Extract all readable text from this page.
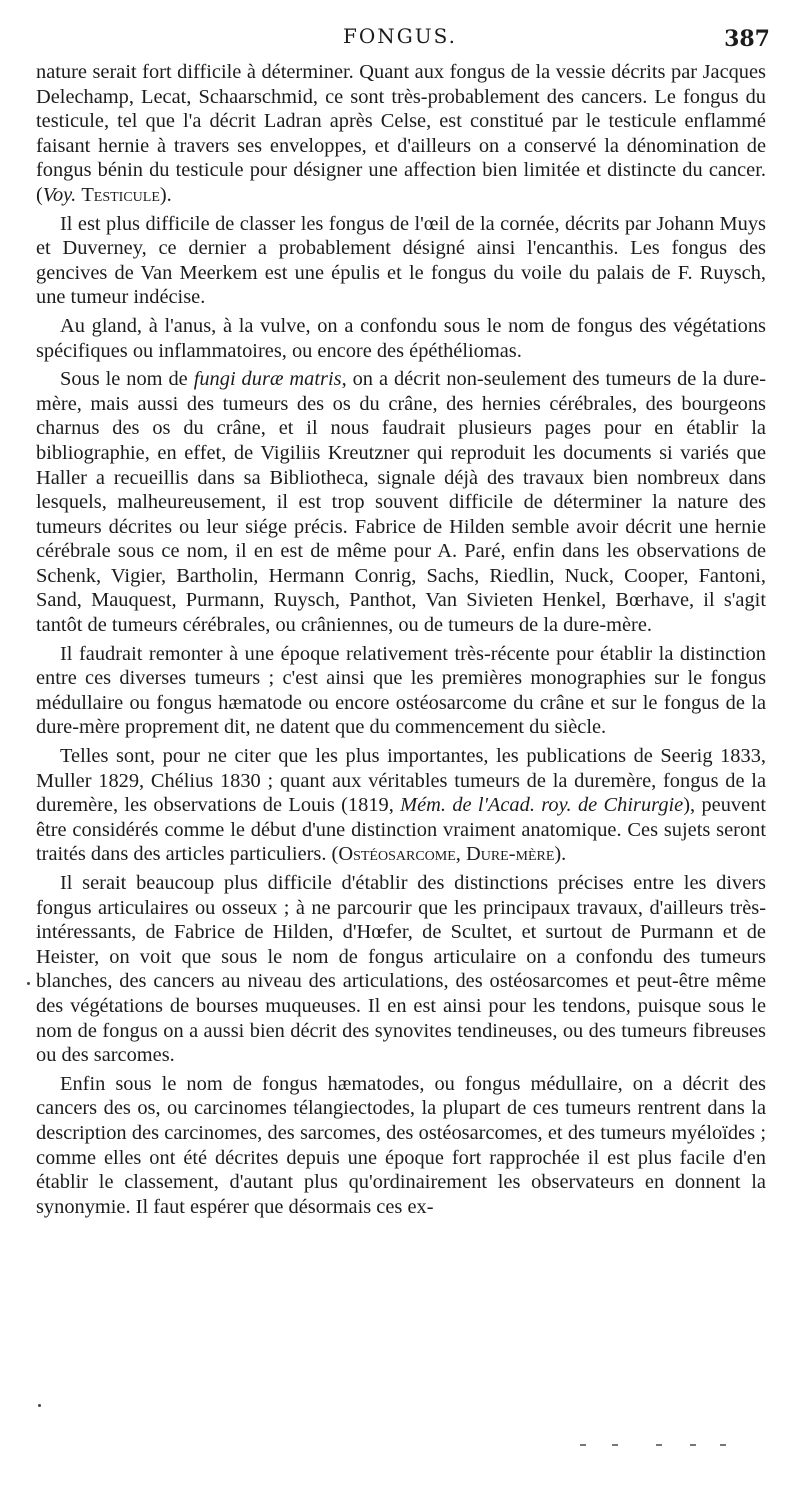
FONGUS.	387

nature serait fort difficile à déterminer. Quant aux fongus de la vessie décrits par Jacques Delechamp, Lecat, Schaarschmid, ce sont très-probablement des cancers. Le fongus du testicule, tel que l'a décrit Ladran après Celse, est constitué par le testicule enflammé faisant hernie à travers ses enveloppes, et d'ailleurs on a conservé la dénomination de fongus bénin du testicule pour désigner une affection bien limitée et distincte du cancer. (Voy. Testicule).

Il est plus difficile de classer les fongus de l'œil de la cornée, décrits par Johann Muys et Duverney, ce dernier a probablement désigné ainsi l'encanthis. Les fongus des gencives de Van Meerkem est une épulis et le fongus du voile du palais de F. Ruysch, une tumeur indécise.

Au gland, à l'anus, à la vulve, on a confondu sous le nom de fongus des végétations spécifiques ou inflammatoires, ou encore des épéthéliomas.

Sous le nom de fungi duræ matris, on a décrit non-seulement des tumeurs de la dure-mère, mais aussi des tumeurs des os du crâne, des hernies cérébrales, des bourgeons charnus des os du crâne, et il nous faudrait plusieurs pages pour en établir la bibliographie, en effet, de Vigiliis Kreutzner qui reproduit les documents si variés que Haller a recueillis dans sa Bibliotheca, signale déjà des travaux bien nombreux dans lesquels, malheureusement, il est trop souvent difficile de déterminer la nature des tumeurs décrites ou leur siége précis. Fabrice de Hilden semble avoir décrit une hernie cérébrale sous ce nom, il en est de même pour A. Paré, enfin dans les observations de Schenk, Vigier, Bartholin, Hermann Conrig, Sachs, Riedlin, Nuck, Cooper, Fantoni, Sand, Mauquest, Purmann, Ruysch, Panthot, Van Sivieten Henkel, Bœrhave, il s'agit tantôt de tumeurs cérébrales, ou crâniennes, ou de tumeurs de la dure-mère.

Il faudrait remonter à une époque relativement très-récente pour établir la distinction entre ces diverses tumeurs ; c'est ainsi que les premières monographies sur le fongus médullaire ou fongus hæmatode ou encore ostéosarcome du crâne et sur le fongus de la dure-mère proprement dit, ne datent que du commencement du siècle.

Telles sont, pour ne citer que les plus importantes, les publications de Seerig 1833, Muller 1829, Chélius 1830 ; quant aux véritables tumeurs de la duremère, fongus de la duremère, les observations de Louis (1819, Mém. de l'Acad. roy. de Chirurgie), peuvent être considérés comme le début d'une distinction vraiment anatomique. Ces sujets seront traités dans des articles particuliers. (Ostéosarcome, Dure-mère).

Il serait beaucoup plus difficile d'établir des distinctions précises entre les divers fongus articulaires ou osseux ; à ne parcourir que les principaux travaux, d'ailleurs très-intéressants, de Fabrice de Hilden, d'Hœfer, de Scultet, et surtout de Purmann et de Heister, on voit que sous le nom de fongus articulaire on a confondu des tumeurs blanches, des cancers au niveau des articulations, des ostéosarcomes et peut-être même des végétations de bourses muqueuses. Il en est ainsi pour les tendons, puisque sous le nom de fongus on a aussi bien décrit des synovites tendineuses, ou des tumeurs fibreuses ou des sarcomes.

Enfin sous le nom de fongus hæmatodes, ou fongus médullaire, on a décrit des cancers des os, ou carcinomes télangiectodes, la plupart de ces tumeurs rentrent dans la description des carcinomes, des sarcomes, des ostéosarcomes, et des tumeurs myéloïdes ; comme elles ont été décrites depuis une époque fort rapprochée il est plus facile d'en établir le classement, d'autant plus qu'ordinairement les observateurs en donnent la synonymie. Il faut espérer que désormais ces ex-
